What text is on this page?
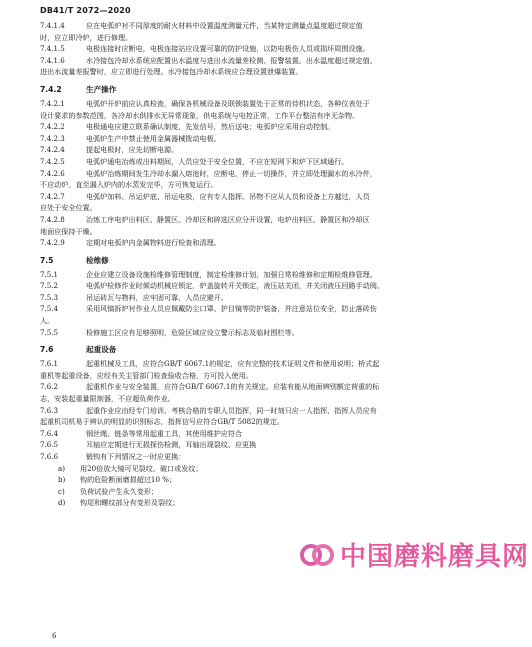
DB41/T 2072—2020
7.4.1.4	应在电弧炉衬不同厚度的耐火材料中设置温度测量元件，当某特定测量点温度超过规定值
时，应立即冷炉，进行修理。
7.4.1.5	电极连接时应断电，电极连接站应设置可靠的防护设施，以防电极伤人员或损坏周围设施。
7.4.1.6	水冷接包冷却水系统应配置出水温度与进出水流量差检测、报警装置。出水温度超过规定值、
进出水流量差报警时，应立即进行处理。水冷接包冷却水系统应合理设置泄爆装置。
7.4.2	生产操作
7.4.2.1	电弧炉开炉前应认真检查，确保各机械设备及联锁装置处于正常的待机状态，各种仪表处于
设计要求的参数范围，各冷却水供排水无异常现象，供电系统与电控正常，工作平台整洁有序无杂物。
7.4.2.2	电极通电应建立联系确认制度，先发信号，然后送电；电弧炉应采用自动控制。
7.4.2.3	电弧炉生产中禁止使用金属器械拨动电极。
7.4.2.4	提起电极时，应先切断电源。
7.4.2.5	电弧炉通电冶炼或出料期间，人员应处于安全位置，不应在短网下和炉下区域通行。
7.4.2.6	电弧炉冶炼期间发生冷却水漏入熔池时，应断电，停止一切操作，并立即处理漏水的水冷件，
不应动炉。直至漏入炉内的水蒸发完毕，方可恢复运行。
7.4.2.7	电弧炉加料、吊运炉底、吊运电极，应有专人指挥。吊物不应从人员和设备上方越过，人员
应处于安全位置。
7.4.2.8	冶炼工序电炉出料区、静置区、冷却区和碎选区应分开设置，电炉出料区、静置区和冷却区
地面应保持干燥。
7.4.2.9	定期对电弧炉内金属物料进行检查和清理。
7.5	检维修
7.5.1	企业应建立设备设施检维修管理制度，制定检维修计划，加强日常检维修和定期检维修管理。
7.5.2	电弧炉检修作业时倾动机械应锁定，炉盖旋转开关锁定，液压站关闭，并关闭液压回路手动阀。
7.5.3	吊运砖瓦与物料，应牢固可靠，人员应避开。
7.5.4	采用风镐拆炉衬作业人员应佩戴防尘口罩、护目镜等防护装备，并注意站位安全，防止落砖伤
人。
7.5.5	检修施工区应有足够照明，危险区域应设立警示标志及临时围栏等。
7.6	起重设备
7.6.1	起重机械及工具，应符合GB/T 6067.1的规定，应有完整的技术证明文件和使用说明；桥式起
重机等起重设备，应经有关主管部门检查验收合格，方可投入使用。
7.6.2	起重机作业与安全装置，应符合GB/T 6067.1的有关规定。应装有能从地面辨别额定荷重的标
志，安装起重量限制器，不应超负荷作业。
7.6.3	起重作业应由经专门培训、考核合格的专职人员指挥，同一时刻只应一人指挥，指挥人员应有
起重机司机易于辨认的明显的识别标志，指挥信号应符合GB/T 5082的规定。
7.6.4	钢丝绳、链条等常用起重工具，其使用维护应符合
7.6.5	耳轴应定期进行无损探伤检测，耳轴出现裂纹、应更换
7.6.6	锻钩有下列情况之一时应更换：
a) 用20倍放大镜可见裂纹、破口或发纹；
b) 钩的危险断面磨损超过10 %；
c) 负荷试验产生永久变形；
d) 钩尾和螺纹部分有变形及裂纹；
6
中国磨料磨具网
